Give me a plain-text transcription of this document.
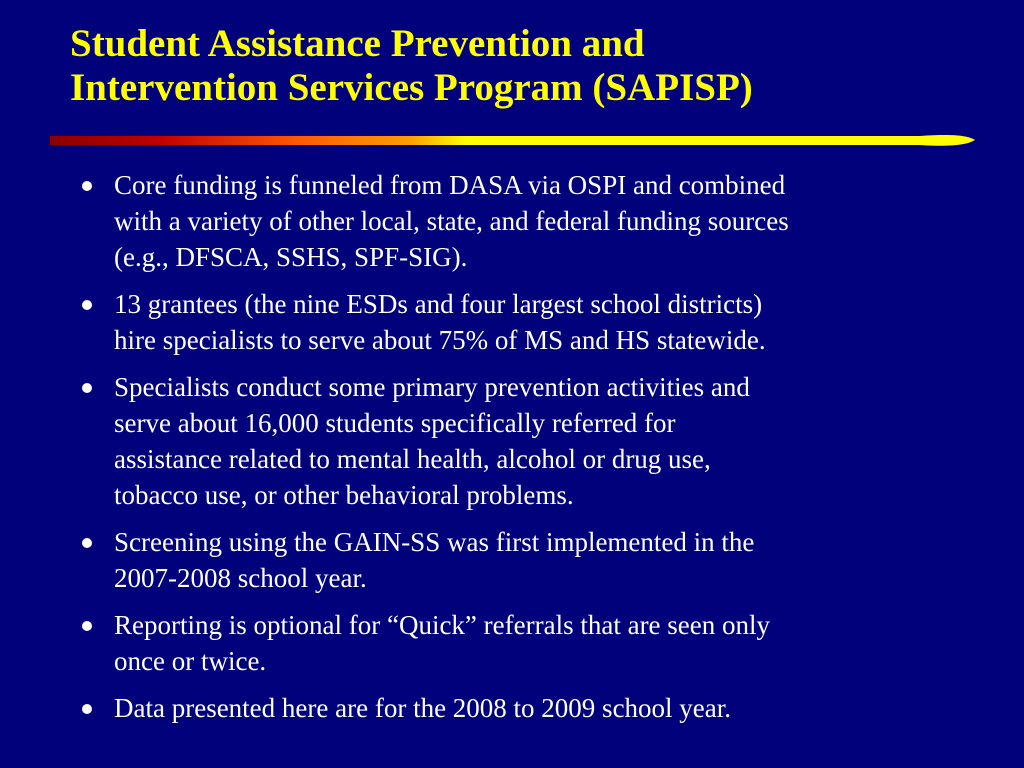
Student Assistance Prevention and
Intervention Services Program (SAPISP)
Core funding is funneled from DASA via OSPI and combined
with a variety of other local, state, and federal funding sources
(e.g., DFSCA, SSHS, SPF-SIG).
13 grantees (the nine ESDs and four largest school districts)
hire specialists to serve about 75% of MS and HS statewide.
Specialists conduct some primary prevention activities and
serve about 16,000 students specifically referred for
assistance related to mental health, alcohol or drug use,
tobacco use, or other behavioral problems.
Screening using the GAIN-SS was first implemented in the
2007-2008 school year.
Reporting is optional for “Quick” referrals that are seen only
once or twice.
Data presented here are for the 2008 to 2009 school year.
